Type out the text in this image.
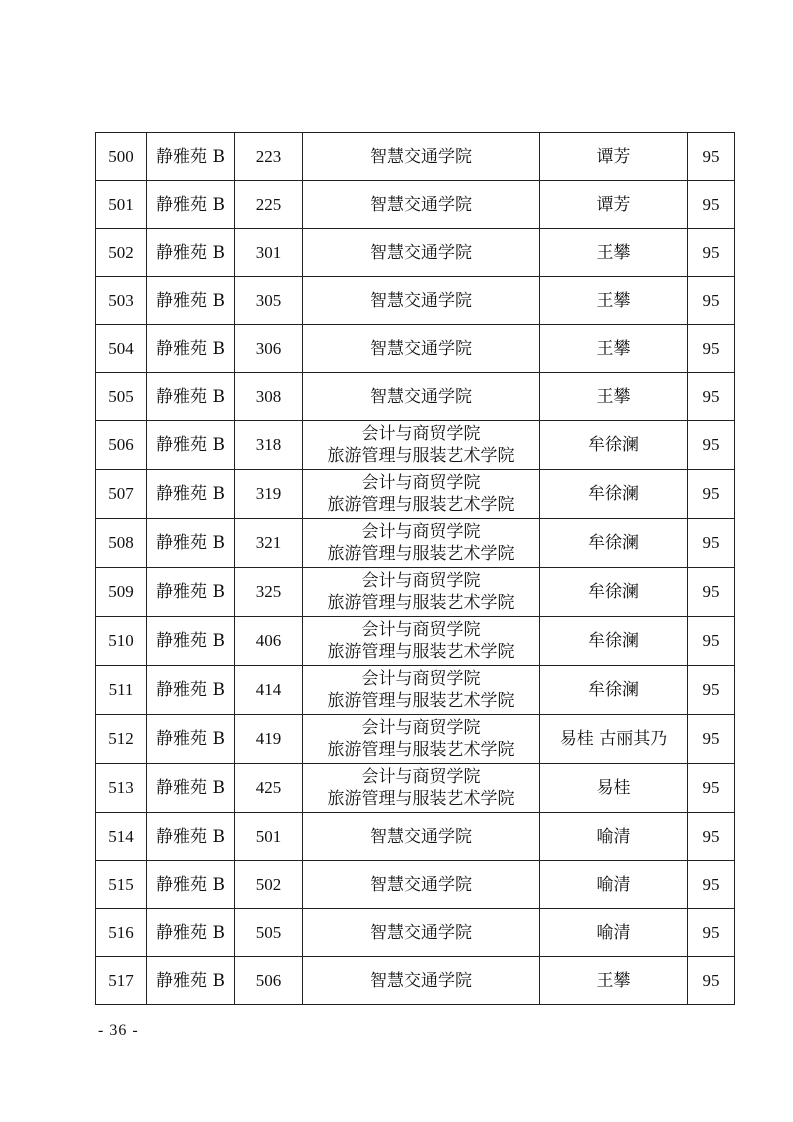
500	静雅苑 B	223	智慧交通学院	谭芳	95
501	静雅苑 B	225	智慧交通学院	谭芳	95
502	静雅苑 B	301	智慧交通学院	王攀	95
503	静雅苑 B	305	智慧交通学院	王攀	95
504	静雅苑 B	306	智慧交通学院	王攀	95
505	静雅苑 B	308	智慧交通学院	王攀	95
506	静雅苑 B	318	会计与商贸学院
旅游管理与服装艺术学院	牟徐澜	95
507	静雅苑 B	319	会计与商贸学院
旅游管理与服装艺术学院	牟徐澜	95
508	静雅苑 B	321	会计与商贸学院
旅游管理与服装艺术学院	牟徐澜	95
509	静雅苑 B	325	会计与商贸学院
旅游管理与服装艺术学院	牟徐澜	95
510	静雅苑 B	406	会计与商贸学院
旅游管理与服装艺术学院	牟徐澜	95
511	静雅苑 B	414	会计与商贸学院
旅游管理与服装艺术学院	牟徐澜	95
512	静雅苑 B	419	会计与商贸学院
旅游管理与服装艺术学院	易桂 古丽其乃	95
513	静雅苑 B	425	会计与商贸学院
旅游管理与服装艺术学院	易桂	95
514	静雅苑 B	501	智慧交通学院	喻清	95
515	静雅苑 B	502	智慧交通学院	喻清	95
516	静雅苑 B	505	智慧交通学院	喻清	95
517	静雅苑 B	506	智慧交通学院	王攀	95
- 36 -
